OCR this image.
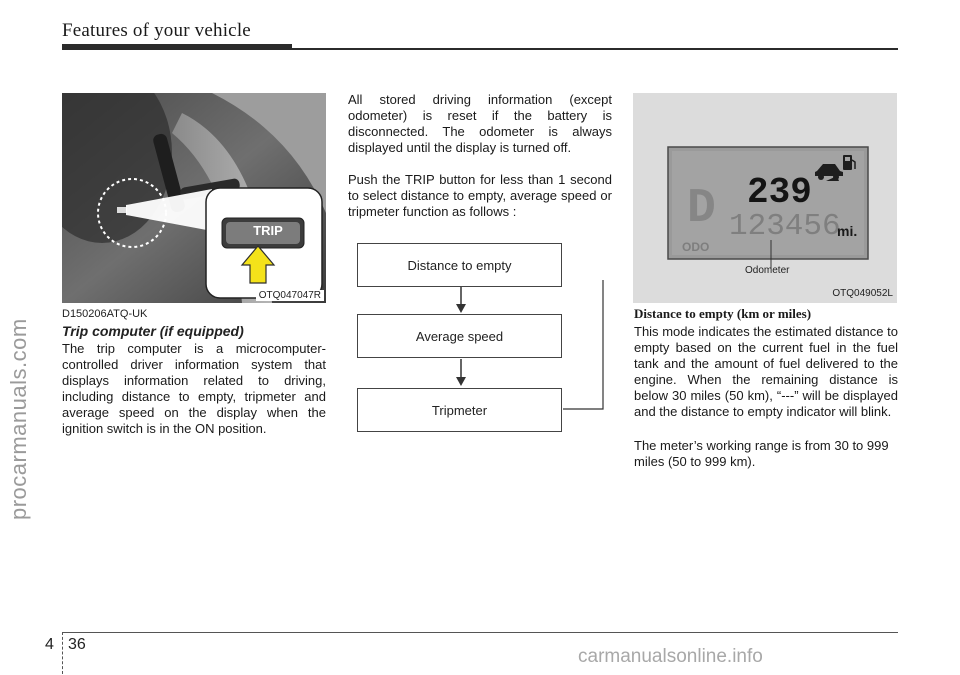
Features of your vehicle
procarmanuals.com
carmanualsonline.info
TRIP
OTQ047047R
D150206ATQ-UK
Trip computer (if equipped)
The trip computer is a microcomputer-controlled driver information system that displays information related to driving, including distance to empty, tripmeter and average speed on the display when the ignition switch is in the ON position.
All stored driving information (except odometer) is reset if the battery is disconnected. The odometer is always displayed until the display is turned off.
Push the TRIP button for less than 1 second to select distance to empty, average speed or tripmeter function as follows :
Distance to empty
Average speed
Tripmeter
D 239
ODO
123456
mi.
Odometer
OTQ049052L
Distance to empty (km or miles)
This mode indicates the estimated distance to empty based on the current fuel in the fuel tank and the amount of fuel delivered to the engine. When the remaining distance is below 30 miles (50 km), “---” will be displayed and the distance to empty indicator will blink.
The meter’s working range is from 30 to 999 miles (50 to 999 km).
4 36
